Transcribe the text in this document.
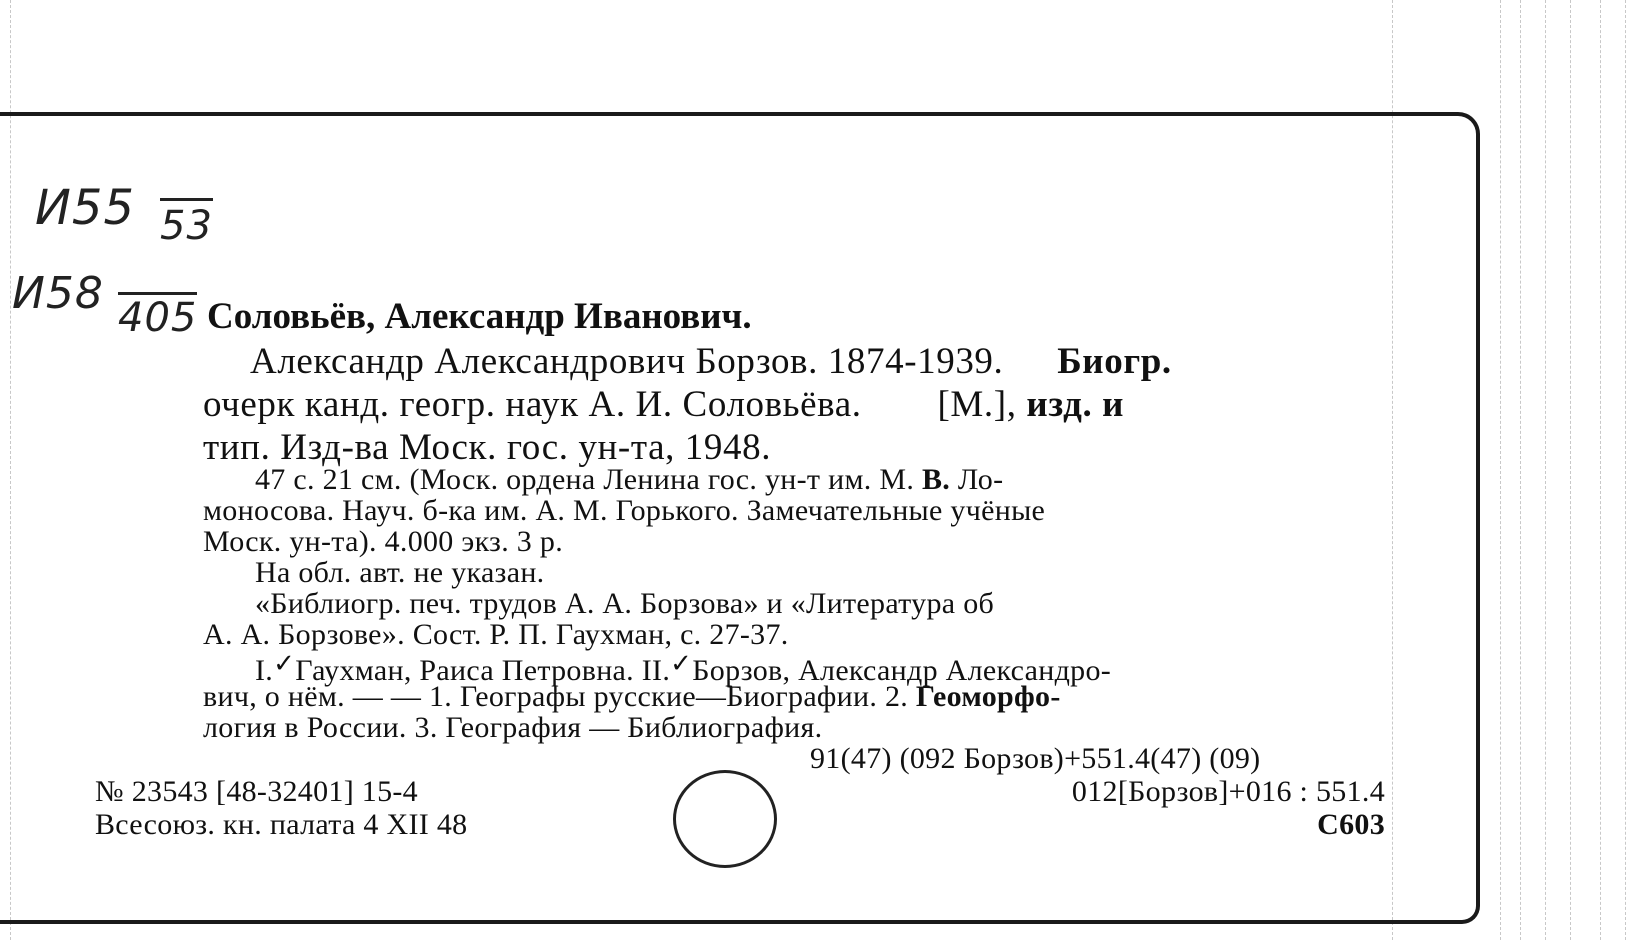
И55 53
И58 405 Соловьёв, Александр Иванович.
Александр Александрович Борзов. 1874-1939. Биогр.
очерк канд. геогр. наук А. И. Соловьёва. [М.], изд. и
тип. Изд-ва Моск. гос. ун-та, 1948.
47 с. 21 см. (Моск. ордена Ленина гос. ун-т им. М. В. Ло-
моносова. Науч. б-ка им. А. М. Горького. Замечательные учёные
Моск. ун-та). 4.000 экз. 3 р.
На обл. авт. не указан.
«Библиогр. печ. трудов А. А. Борзова» и «Литература об
А. А. Борзове». Сост. Р. П. Гаухман, с. 27-37.
I.✓Гаухман, Раиса Петровна. II.✓Борзов, Александр Александро-
вич, о нём. — — 1. Географы русские—Биографии. 2. Геоморфо-
логия в России. 3. География — Библиография.
91(47) (092 Борзов)+551.4(47) (09)
012[Борзов]+016 : 551.4
С603
№ 23543 [48-32401] 15-4
Всесоюз. кн. палата 4 XII 48
